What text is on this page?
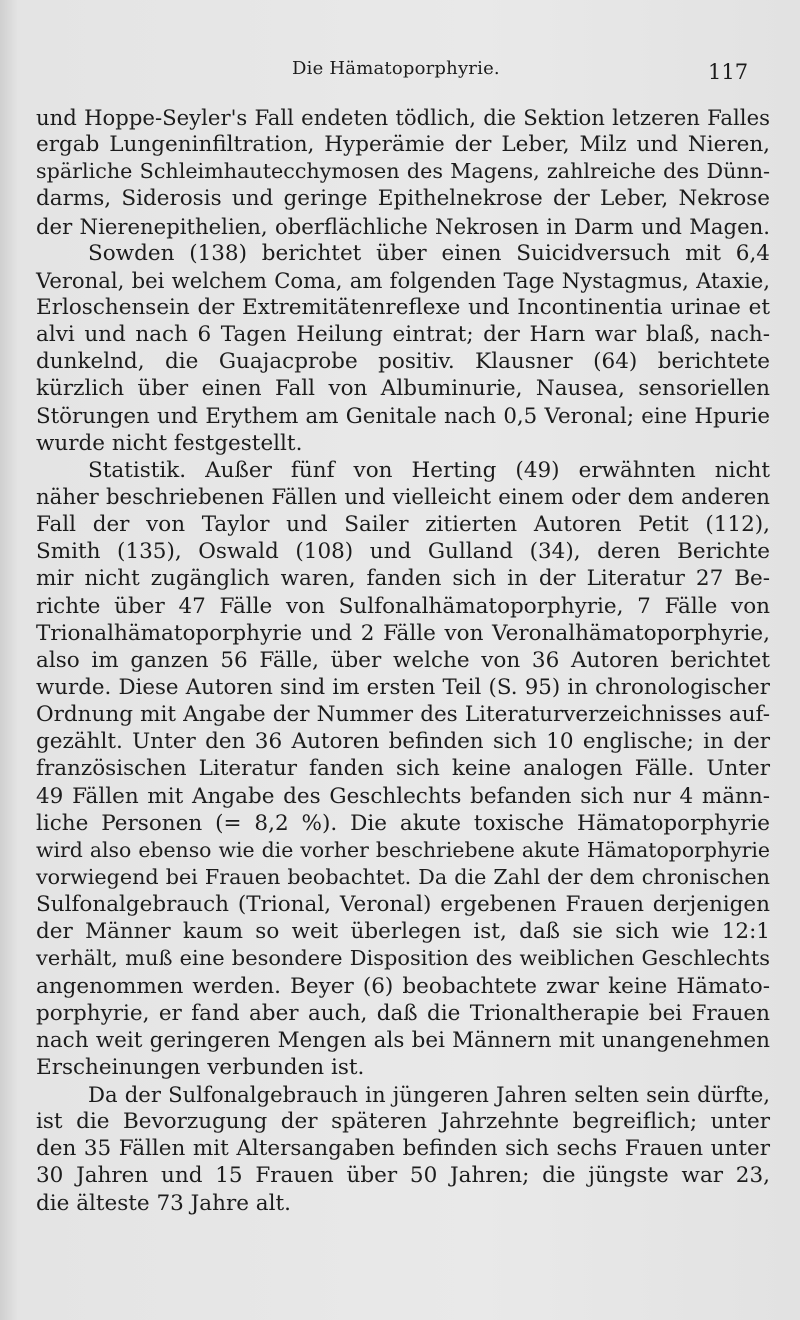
Die Hämatoporphyrie.	117
und Hoppe-Seyler's Fall endeten tödlich, die Sektion letzeren Falles
ergab Lungeninfiltration, Hyperämie der Leber, Milz und Nieren,
spärliche Schleimhautecchymosen des Magens, zahlreiche des Dünn-
darms, Siderosis und geringe Epithelnekrose der Leber, Nekrose
der Nierenepithelien, oberflächliche Nekrosen in Darm und Magen.
Sowden (138) berichtet über einen Suicidversuch mit 6,4
Veronal, bei welchem Coma, am folgenden Tage Nystagmus, Ataxie,
Erloschensein der Extremitätenreflexe und Incontinentia urinae et
alvi und nach 6 Tagen Heilung eintrat; der Harn war blaß, nach-
dunkelnd, die Guajacprobe positiv. Klausner (64) berichtete
kürzlich über einen Fall von Albuminurie, Nausea, sensoriellen
Störungen und Erythem am Genitale nach 0,5 Veronal; eine Hpurie
wurde nicht festgestellt.
Statistik. Außer fünf von Herting (49) erwähnten nicht
näher beschriebenen Fällen und vielleicht einem oder dem anderen
Fall der von Taylor und Sailer zitierten Autoren Petit (112),
Smith (135), Oswald (108) und Gulland (34), deren Berichte
mir nicht zugänglich waren, fanden sich in der Literatur 27 Be-
richte über 47 Fälle von Sulfonalhämatoporphyrie, 7 Fälle von
Trionalhämatoporphyrie und 2 Fälle von Veronalhämatoporphyrie,
also im ganzen 56 Fälle, über welche von 36 Autoren berichtet
wurde. Diese Autoren sind im ersten Teil (S. 95) in chronologischer
Ordnung mit Angabe der Nummer des Literaturverzeichnisses auf-
gezählt. Unter den 36 Autoren befinden sich 10 englische; in der
französischen Literatur fanden sich keine analogen Fälle. Unter
49 Fällen mit Angabe des Geschlechts befanden sich nur 4 männ-
liche Personen (= 8,2 %). Die akute toxische Hämatoporphyrie
wird also ebenso wie die vorher beschriebene akute Hämatoporphyrie
vorwiegend bei Frauen beobachtet. Da die Zahl der dem chronischen
Sulfonalgebrauch (Trional, Veronal) ergebenen Frauen derjenigen
der Männer kaum so weit überlegen ist, daß sie sich wie 12:1
verhält, muß eine besondere Disposition des weiblichen Geschlechts
angenommen werden. Beyer (6) beobachtete zwar keine Hämato-
porphyrie, er fand aber auch, daß die Trionaltherapie bei Frauen
nach weit geringeren Mengen als bei Männern mit unangenehmen
Erscheinungen verbunden ist.
Da der Sulfonalgebrauch in jüngeren Jahren selten sein dürfte,
ist die Bevorzugung der späteren Jahrzehnte begreiflich; unter
den 35 Fällen mit Altersangaben befinden sich sechs Frauen unter
30 Jahren und 15 Frauen über 50 Jahren; die jüngste war 23,
die älteste 73 Jahre alt.
